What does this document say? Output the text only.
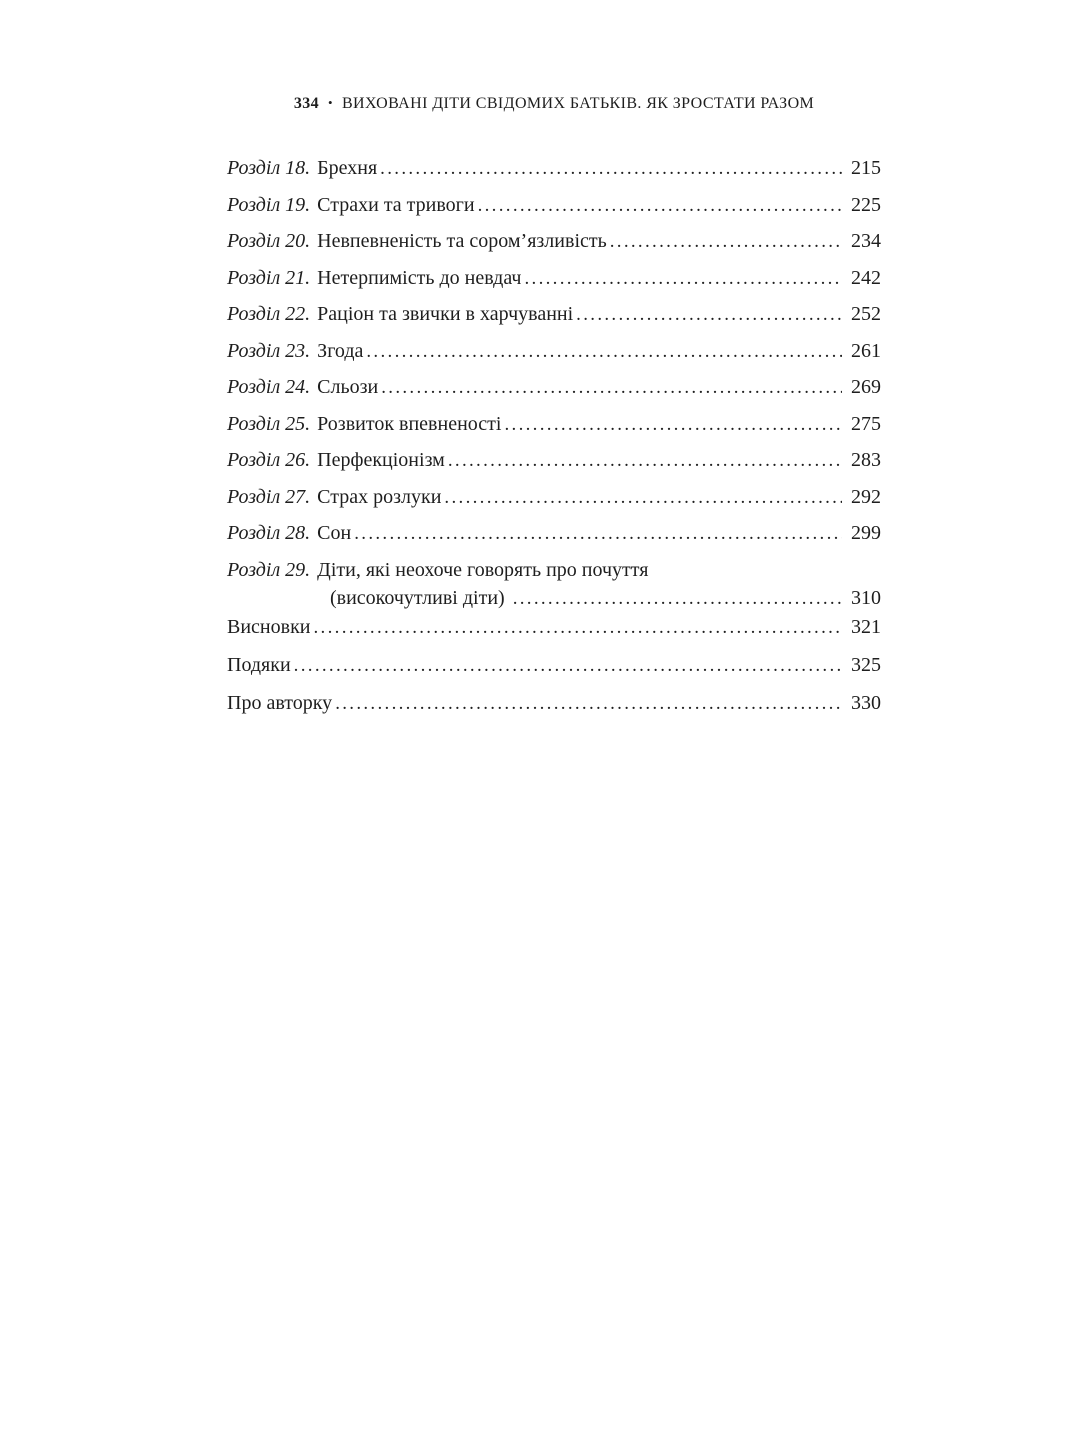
334 • ВИХОВАНІ ДІТИ СВІДОМИХ БАТЬКІВ. ЯК ЗРОСТАТИ РАЗОМ
Розділ 18. Брехня .....	215
Розділ 19. Страхи та тривоги .....	225
Розділ 20. Невпевненість та сором’язливість .....	234
Розділ 21. Нетерпимість до невдач .....	242
Розділ 22. Раціон та звички в харчуванні .....	252
Розділ 23. Згода .....	261
Розділ 24. Сльози .....	269
Розділ 25. Розвиток впевненості .....	275
Розділ 26. Перфекціонізм .....	283
Розділ 27. Страх розлуки .....	292
Розділ 28. Сон .....	299
Розділ 29. Діти, які неохоче говорять про почуття
(високочутливі діти) .....	310
Висновки .....	321
Подяки .....	325
Про авторку .....	330
